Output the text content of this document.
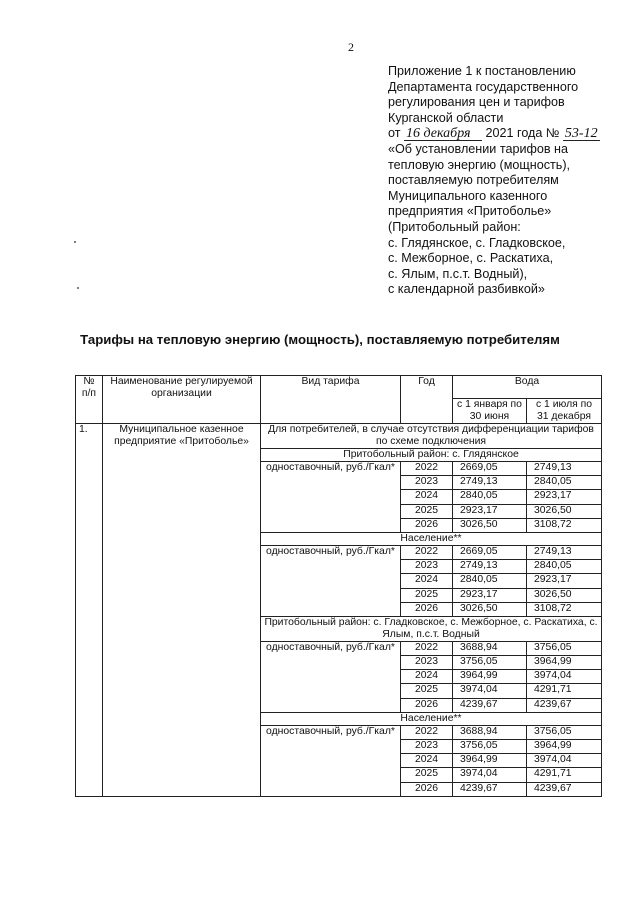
2
Приложение 1 к постановлению
Департамента государственного
регулирования цен и тарифов
Курганской области
от 16 декабря 2021 года № 53-12
«Об установлении тарифов на
тепловую энергию (мощность),
поставляемую потребителям
Муниципального казенного
предприятия «Притоболье»
(Притобольный район:
с. Глядянское, с. Гладковское,
с. Межборное, с. Раскатиха,
с. Ялым, п.с.т. Водный),
с календарной разбивкой»
Тарифы на тепловую энергию (мощность), поставляемую потребителям
№ п/п	Наименование регулируемой организации	Вид тарифа	Год	Вода	
				с 1 января по 30 июня	с 1 июля по 31 декабря
1.	Муниципальное казенное предприятие «Притоболье»	Для потребителей, в случае отсутствия дифференциации тарифов по схеме подключения			
		Притобольный район: с. Глядянское			
		одноставочный, руб./Гкал*	2022	2669,05	2749,13
			2023	2749,13	2840,05
			2024	2840,05	2923,17
			2025	2923,17	3026,50
			2026	3026,50	3108,72
		Население**			
		одноставочный, руб./Гкал*	2022	2669,05	2749,13
			2023	2749,13	2840,05
			2024	2840,05	2923,17
			2025	2923,17	3026,50
			2026	3026,50	3108,72
		Притобольный район: с. Гладковское, с. Межборное, с. Раскатиха, с. Ялым, п.с.т. Водный			
		одноставочный, руб./Гкал*	2022	3688,94	3756,05
			2023	3756,05	3964,99
			2024	3964,99	3974,04
			2025	3974,04	4291,71
			2026	4239,67	4239,67
		Население**			
		одноставочный, руб./Гкал*	2022	3688,94	3756,05
			2023	3756,05	3964,99
			2024	3964,99	3974,04
			2025	3974,04	4291,71
			2026	4239,67	4239,67
